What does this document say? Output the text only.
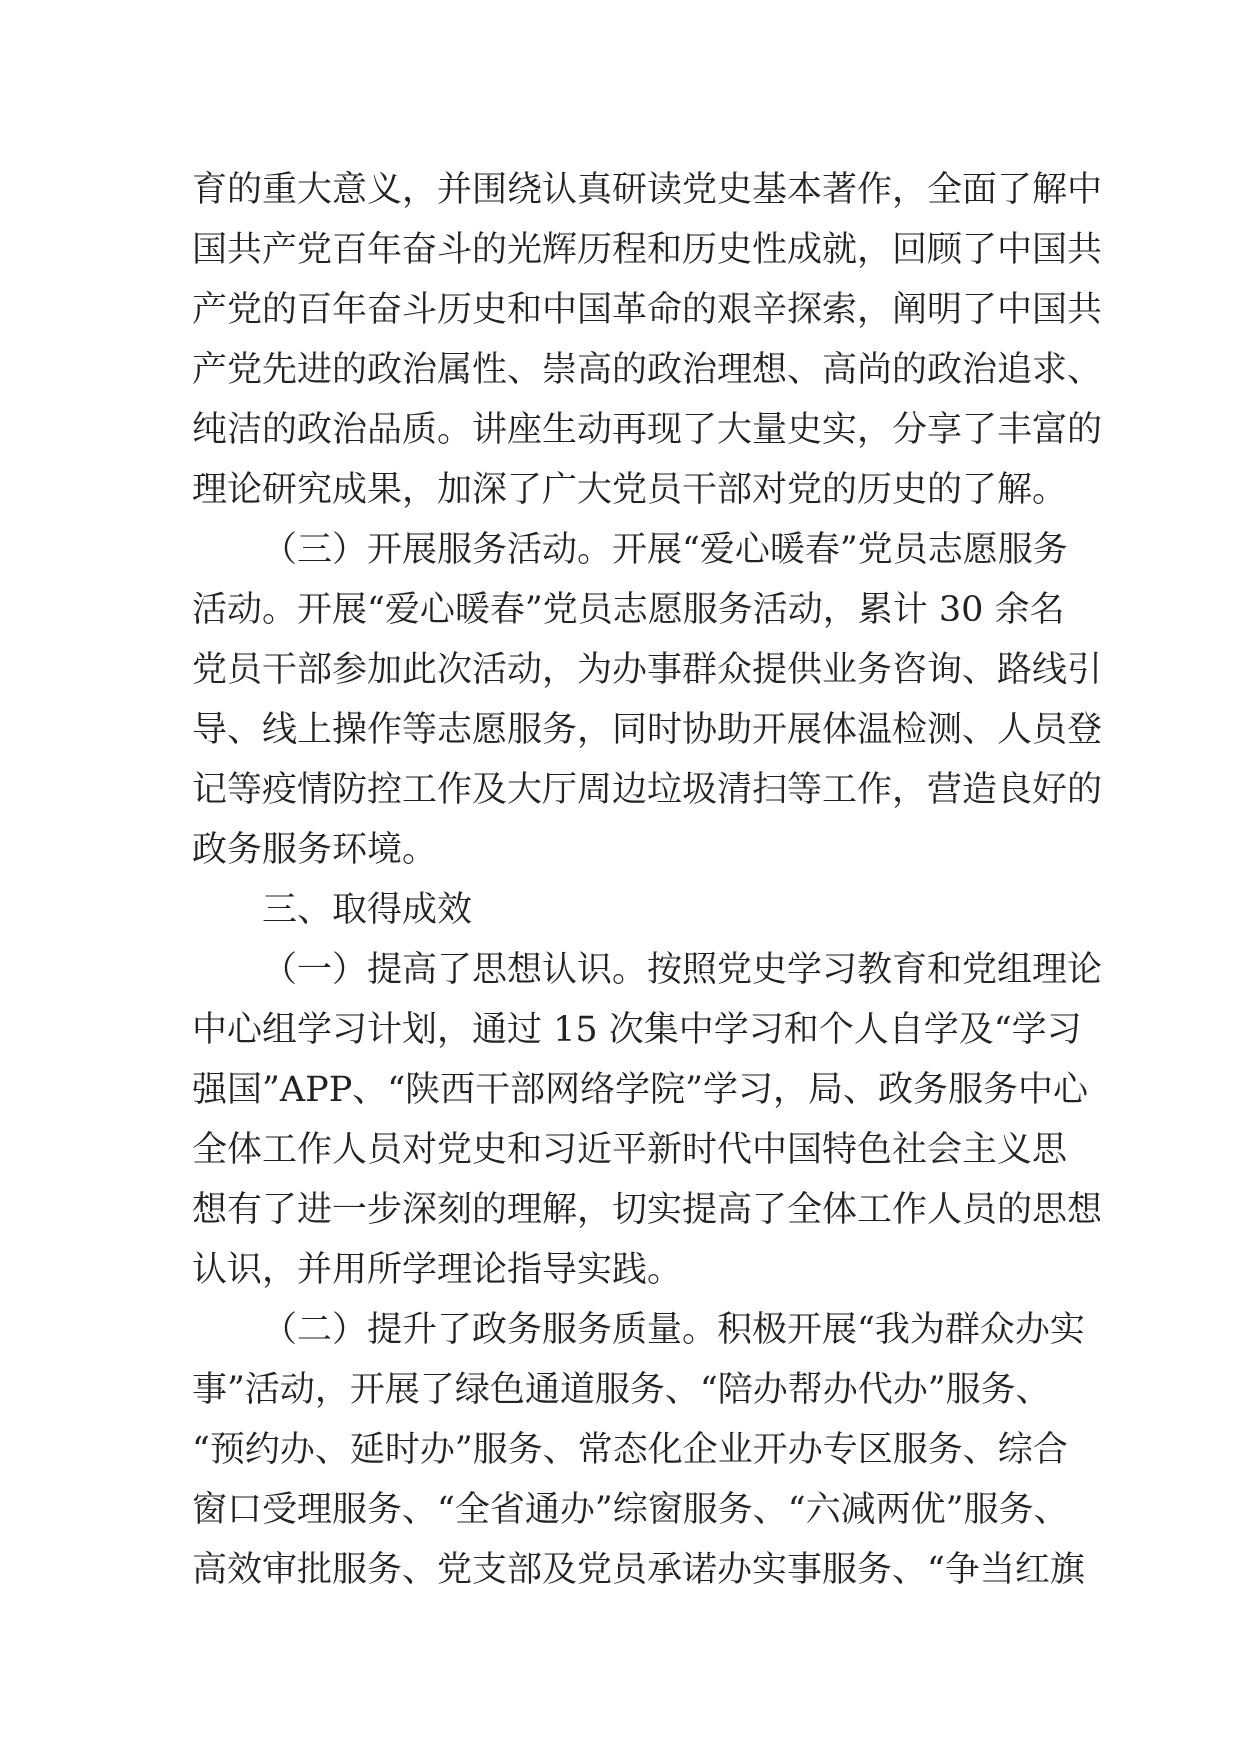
育的重大意义，并围绕认真研读党史基本著作，全面了解中
国共产党百年奋斗的光辉历程和历史性成就，回顾了中国共
产党的百年奋斗历史和中国革命的艰辛探索，阐明了中国共
产党先进的政治属性、崇高的政治理想、高尚的政治追求、
纯洁的政治品质。讲座生动再现了大量史实，分享了丰富的
理论研究成果，加深了广大党员干部对党的历史的了解。
（三）开展服务活动。开展“爱心暖春”党员志愿服务
活动。开展“爱心暖春”党员志愿服务活动，累计 30 余名
党员干部参加此次活动，为办事群众提供业务咨询、路线引
导、线上操作等志愿服务，同时协助开展体温检测、人员登
记等疫情防控工作及大厅周边垃圾清扫等工作，营造良好的
政务服务环境。
三、取得成效
（一）提高了思想认识。按照党史学习教育和党组理论
中心组学习计划，通过 15 次集中学习和个人自学及“学习
强国”APP、“陕西干部网络学院”学习，局、政务服务中心
全体工作人员对党史和习近平新时代中国特色社会主义思
想有了进一步深刻的理解，切实提高了全体工作人员的思想
认识，并用所学理论指导实践。
（二）提升了政务服务质量。积极开展“我为群众办实
事”活动，开展了绿色通道服务、“陪办帮办代办”服务、
“预约办、延时办”服务、常态化企业开办专区服务、综合
窗口受理服务、“全省通办”综窗服务、“六减两优”服务、
高效审批服务、党支部及党员承诺办实事服务、“争当红旗
